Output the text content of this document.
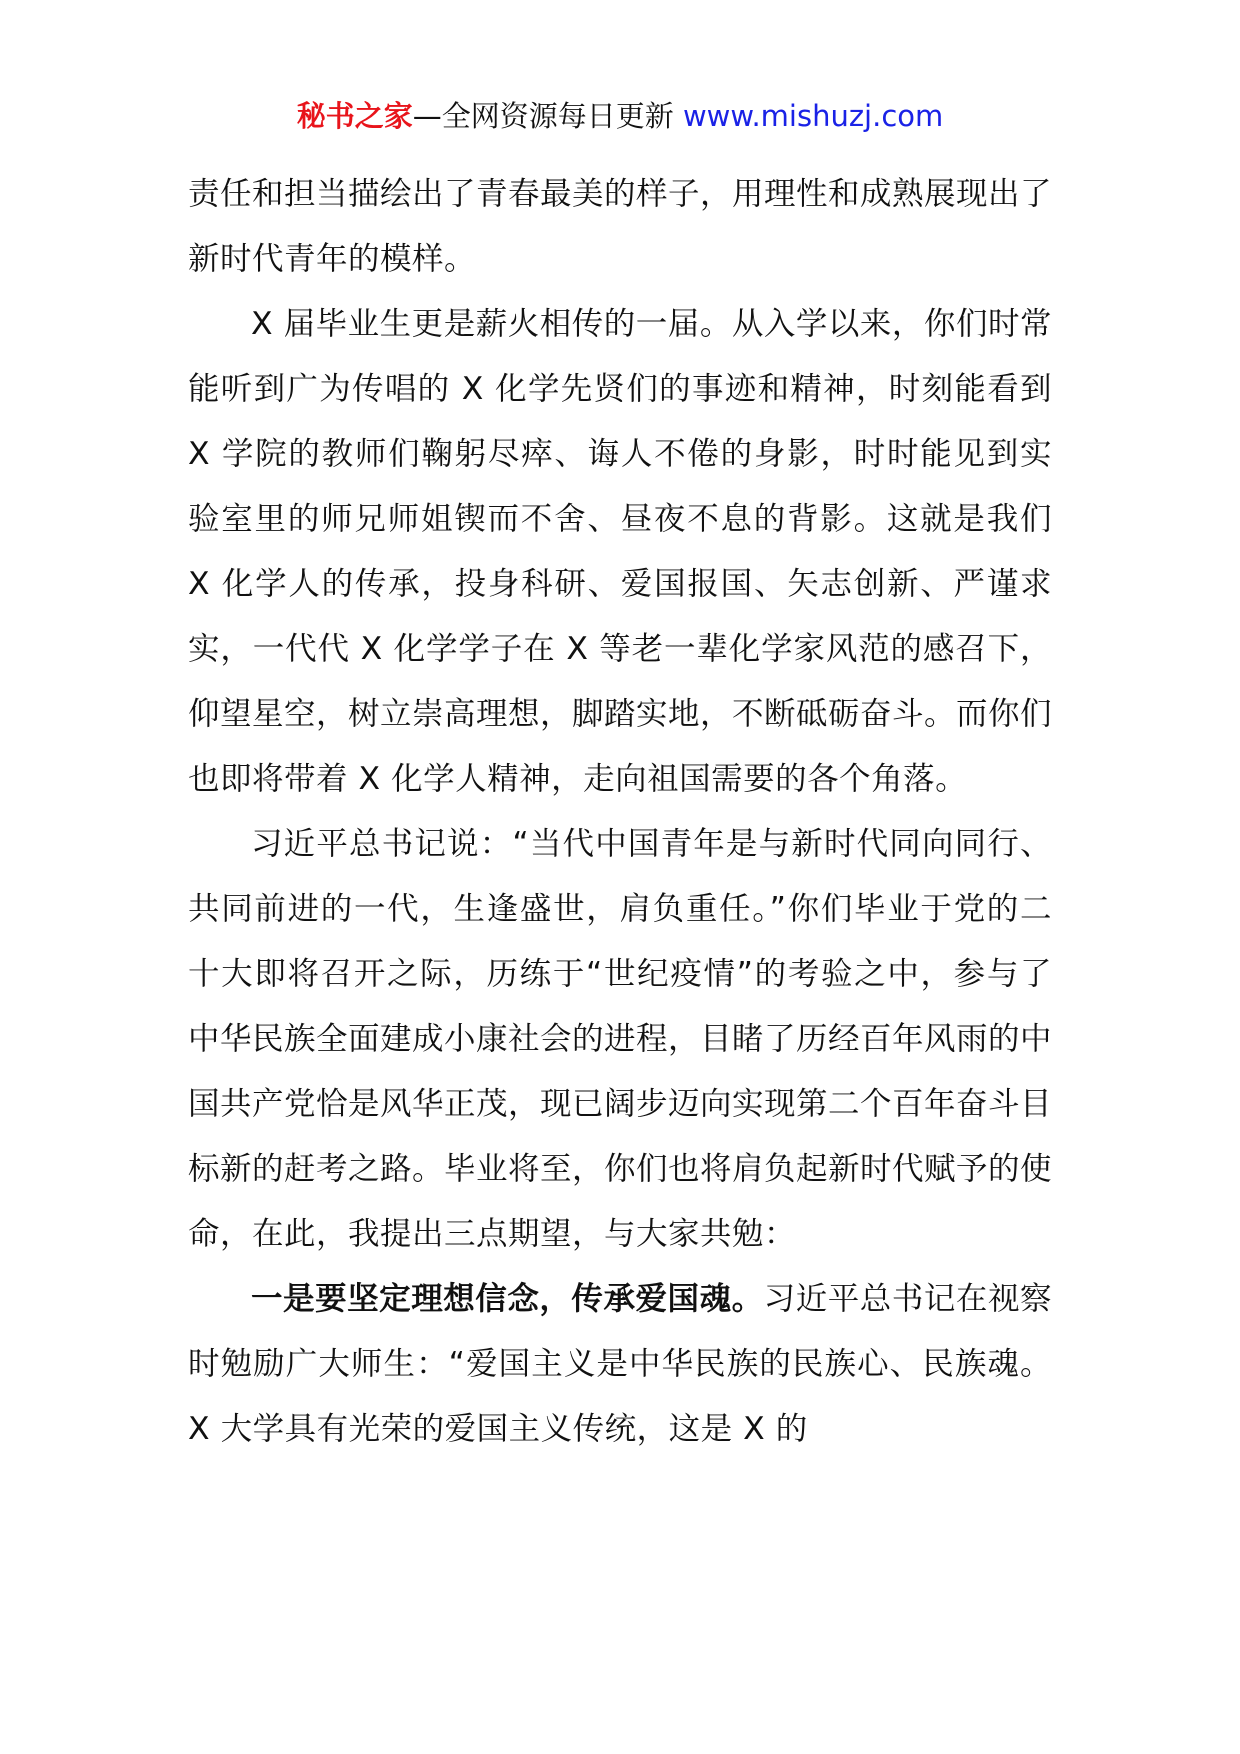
秘书之家—全网资源每日更新 www.mishuzj.com

责任和担当描绘出了青春最美的样子，用理性和成熟展现出了新时代青年的模样。

X 届毕业生更是薪火相传的一届。从入学以来，你们时常能听到广为传唱的 X 化学先贤们的事迹和精神，时刻能看到 X 学院的教师们鞠躬尽瘁、诲人不倦的身影，时时能见到实验室里的师兄师姐锲而不舍、昼夜不息的背影。这就是我们 X 化学人的传承，投身科研、爱国报国、矢志创新、严谨求实，一代代 X 化学学子在 X 等老一辈化学家风范的感召下，仰望星空，树立崇高理想，脚踏实地，不断砥砺奋斗。而你们也即将带着 X 化学人精神，走向祖国需要的各个角落。

习近平总书记说：“当代中国青年是与新时代同向同行、共同前进的一代，生逢盛世，肩负重任。”你们毕业于党的二十大即将召开之际，历练于“世纪疫情”的考验之中，参与了中华民族全面建成小康社会的进程，目睹了历经百年风雨的中国共产党恰是风华正茂，现已阔步迈向实现第二个百年奋斗目标新的赶考之路。毕业将至，你们也将肩负起新时代赋予的使命，在此，我提出三点期望，与大家共勉：

一是要坚定理想信念，传承爱国魂。习近平总书记在视察时勉励广大师生：“爱国主义是中华民族的民族心、民族魂。X 大学具有光荣的爱国主义传统，这是 X 的
